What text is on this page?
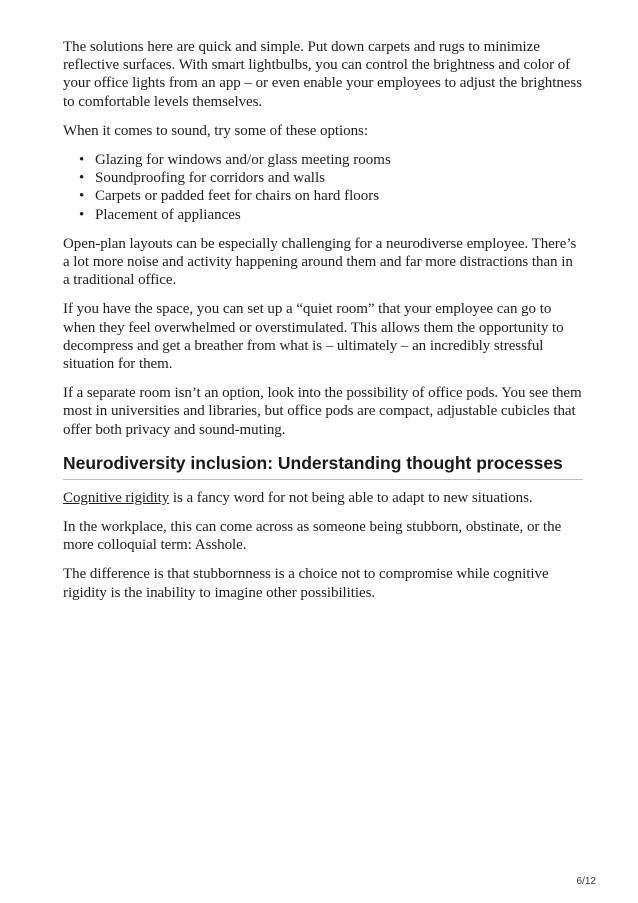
The solutions here are quick and simple. Put down carpets and rugs to minimize reflective surfaces. With smart lightbulbs, you can control the brightness and color of your office lights from an app – or even enable your employees to adjust the brightness to comfortable levels themselves.

When it comes to sound, try some of these options:

• Glazing for windows and/or glass meeting rooms
• Soundproofing for corridors and walls
• Carpets or padded feet for chairs on hard floors
• Placement of appliances

Open-plan layouts can be especially challenging for a neurodiverse employee. There’s a lot more noise and activity happening around them and far more distractions than in a traditional office.

If you have the space, you can set up a “quiet room” that your employee can go to when they feel overwhelmed or overstimulated. This allows them the opportunity to decompress and get a breather from what is – ultimately – an incredibly stressful situation for them.

If a separate room isn’t an option, look into the possibility of office pods. You see them most in universities and libraries, but office pods are compact, adjustable cubicles that offer both privacy and sound-muting.

Neurodiversity inclusion: Understanding thought processes

Cognitive rigidity is a fancy word for not being able to adapt to new situations.

In the workplace, this can come across as someone being stubborn, obstinate, or the more colloquial term: Asshole.

The difference is that stubbornness is a choice not to compromise while cognitive rigidity is the inability to imagine other possibilities.

6/12
